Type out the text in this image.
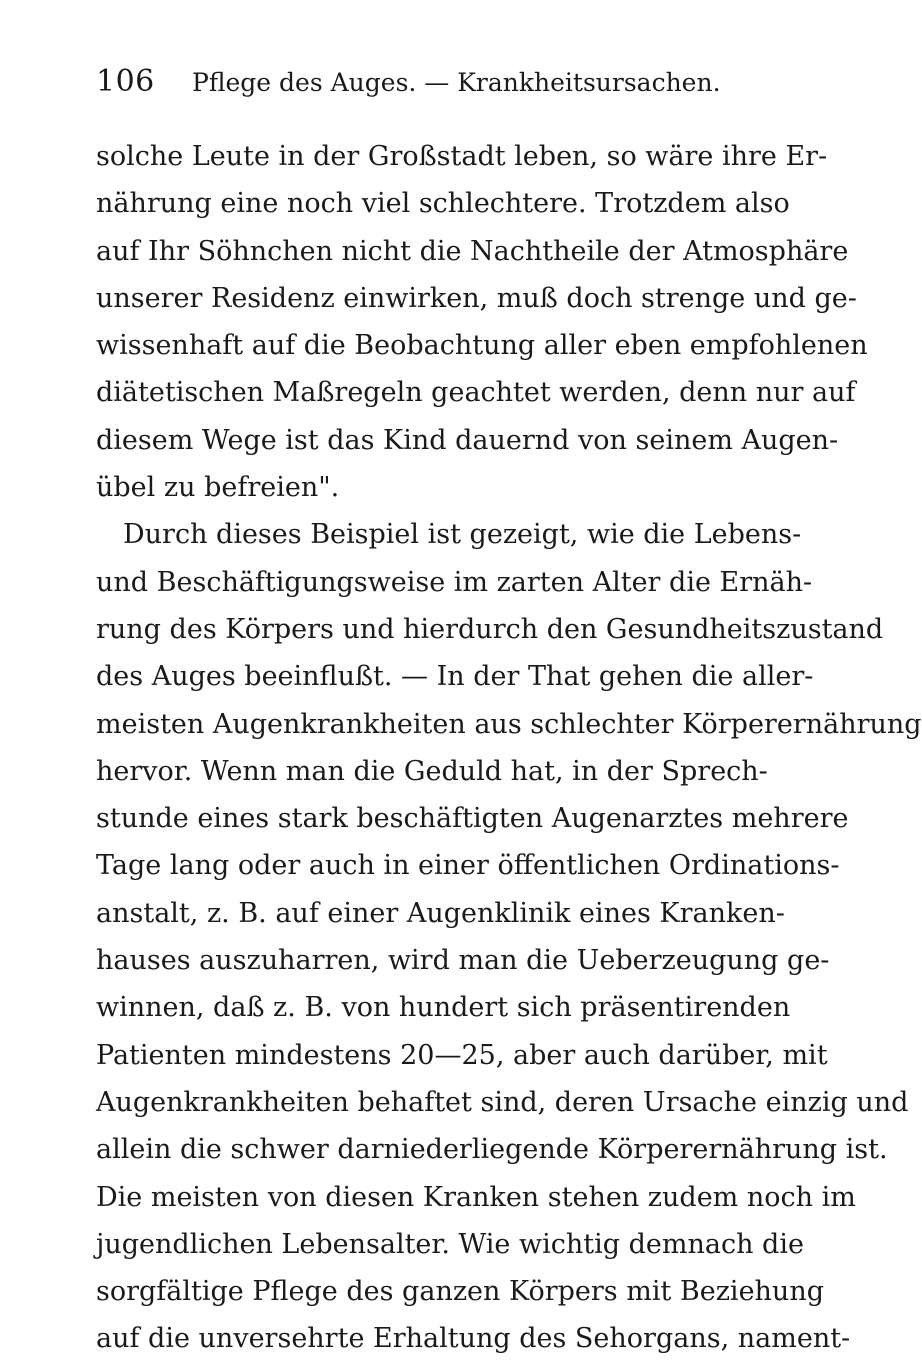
106 Pflege des Auges. — Krankheitsursachen.
solche Leute in der Großstadt leben, so wäre ihre Er-
nährung eine noch viel schlechtere. Trotzdem also
auf Ihr Söhnchen nicht die Nachtheile der Atmosphäre
unserer Residenz einwirken, muß doch strenge und ge-
wissenhaft auf die Beobachtung aller eben empfohlenen
diätetischen Maßregeln geachtet werden, denn nur auf
diesem Wege ist das Kind dauernd von seinem Augen-
übel zu befreien".
Durch dieses Beispiel ist gezeigt, wie die Lebens-
und Beschäftigungsweise im zarten Alter die Ernäh-
rung des Körpers und hierdurch den Gesundheitszustand
des Auges beeinflußt. — In der That gehen die aller-
meisten Augenkrankheiten aus schlechter Körperernährung
hervor. Wenn man die Geduld hat, in der Sprech-
stunde eines stark beschäftigten Augenarztes mehrere
Tage lang oder auch in einer öffentlichen Ordinations-
anstalt, z. B. auf einer Augenklinik eines Kranken-
hauses auszuharren, wird man die Ueberzeugung ge-
winnen, daß z. B. von hundert sich präsentirenden
Patienten mindestens 20—25, aber auch darüber, mit
Augenkrankheiten behaftet sind, deren Ursache einzig und
allein die schwer darniederliegende Körperernährung ist.
Die meisten von diesen Kranken stehen zudem noch im
jugendlichen Lebensalter. Wie wichtig demnach die
sorgfältige Pflege des ganzen Körpers mit Beziehung
auf die unversehrte Erhaltung des Sehorgans, nament-
